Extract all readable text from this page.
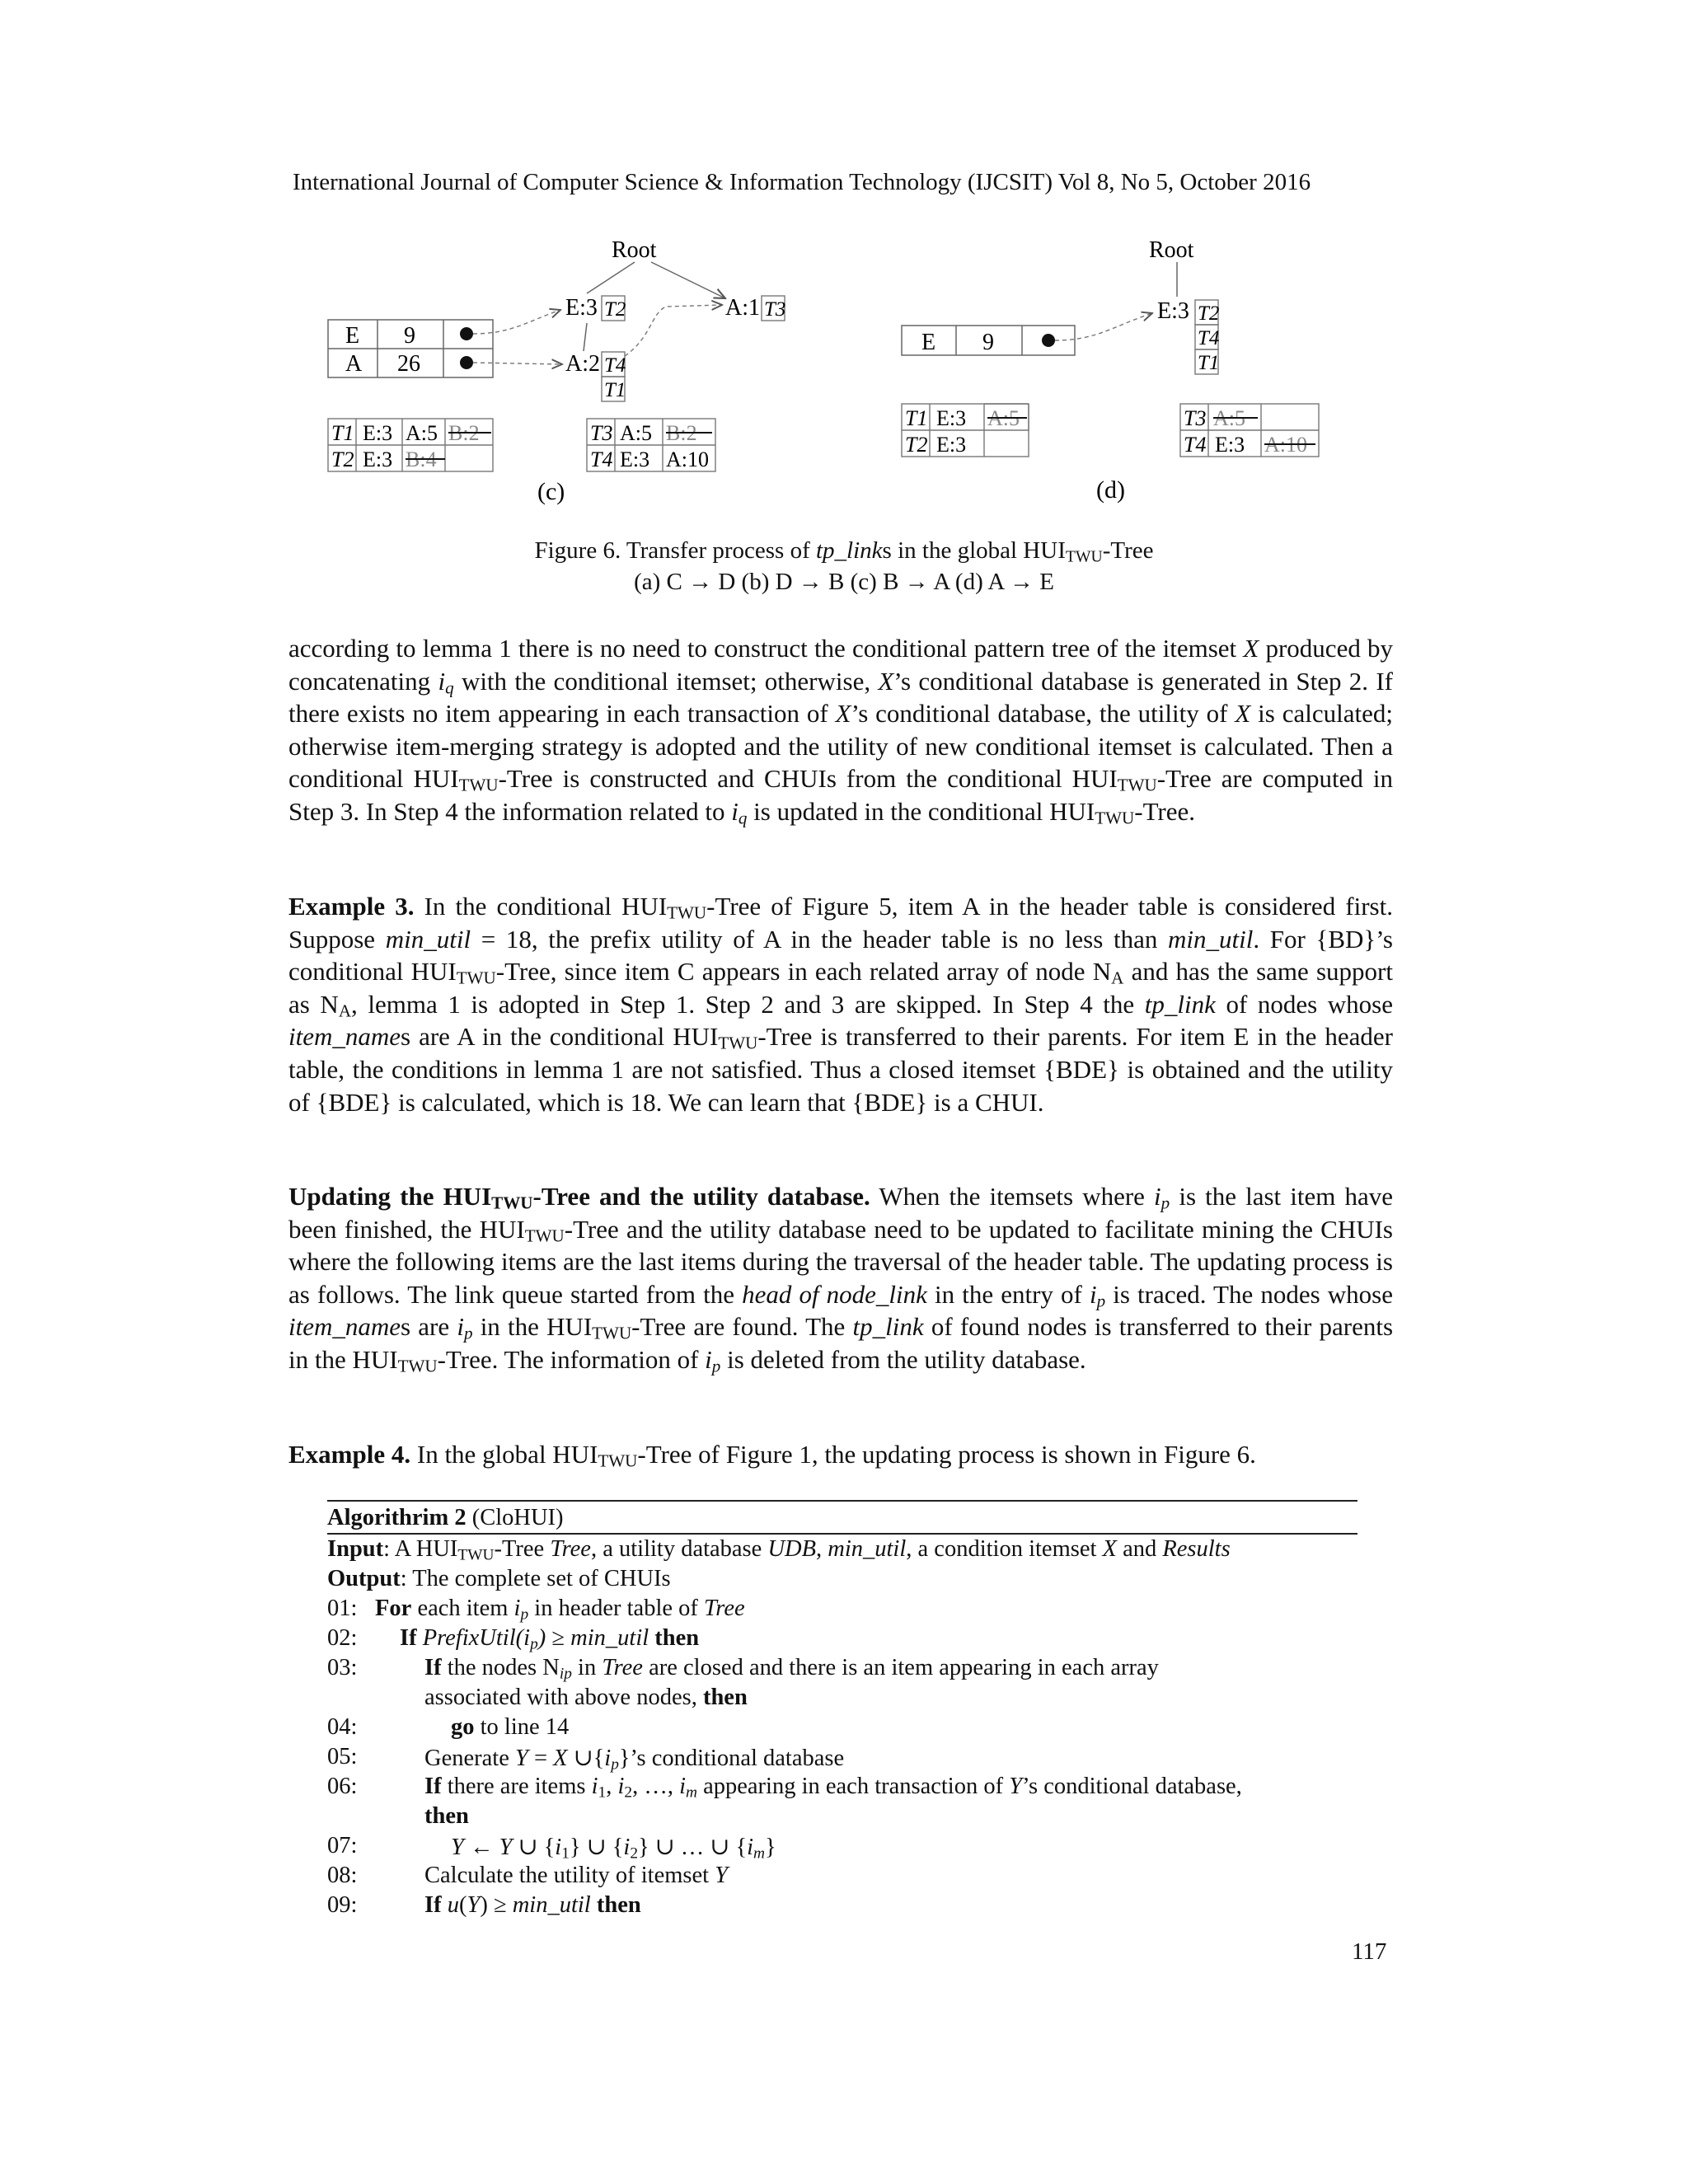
International Journal of Computer Science & Information Technology (IJCSIT) Vol 8, No 5, October 2016
Root
E:3 T2	A:1 T3
A:2 T4
T1
E 9
A 26
T1 E:3 A:5 B:2
T2 E:3 B:4
T3 A:5 B:2
T4 E:3 A:10
(c)
Root
E:3 T2
T4
T1
E 9
T1 E:3 A:5
T2 E:3
T3 A:5
T4 E:3 A:10
(d)
Figure 6. Transfer process of tp_links in the global $HUI_{TWU}$-Tree
(a) C → D (b) D → B (c) B → A (d) A → E
according to lemma 1 there is no need to construct the conditional pattern tree of the itemset X produced by concatenating $i_q$ with the conditional itemset; otherwise, X’s conditional database is generated in Step 2. If there exists no item appearing in each transaction of X’s conditional database, the utility of X is calculated; otherwise item-merging strategy is adopted and the utility of new conditional itemset is calculated. Then a conditional $HUI_{TWU}$-Tree is constructed and CHUIs from the conditional $HUI_{TWU}$-Tree are computed in Step 3. In Step 4 the information related to $i_q$ is updated in the conditional $HUI_{TWU}$-Tree.
Example 3. In the conditional $HUI_{TWU}$-Tree of Figure 5, item A in the header table is considered first. Suppose min_util = 18, the prefix utility of A in the header table is no less than min_util. For {BD}’s conditional $HUI_{TWU}$-Tree, since item C appears in each related array of node $N_A$ and has the same support as $N_A$, lemma 1 is adopted in Step 1. Step 2 and 3 are skipped. In Step 4 the tp_link of nodes whose item_names are A in the conditional $HUI_{TWU}$-Tree is transferred to their parents. For item E in the header table, the conditions in lemma 1 are not satisfied. Thus a closed itemset {BDE} is obtained and the utility of {BDE} is calculated, which is 18. We can learn that {BDE} is a CHUI.
Updating the $HUI_{TWU}$-Tree and the utility database. When the itemsets where $i_p$ is the last item have been finished, the $HUI_{TWU}$-Tree and the utility database need to be updated to facilitate mining the CHUIs where the following items are the last items during the traversal of the header table. The updating process is as follows. The link queue started from the head of node_link in the entry of $i_p$ is traced. The nodes whose item_names are $i_p$ in the $HUI_{TWU}$-Tree are found. The tp_link of found nodes is transferred to their parents in the $HUI_{TWU}$-Tree. The information of $i_p$ is deleted from the utility database.
Example 4. In the global $HUI_{TWU}$-Tree of Figure 1, the updating process is shown in Figure 6.
Algorithrim 2 (CloHUI)
Input: A $HUI_{TWU}$-Tree Tree, a utility database UDB, min_util, a condition itemset X and Results
Output: The complete set of CHUIs
01: For each item $i_p$ in header table of Tree
02: If $PrefixUtil(i_p)$ ≥ min_util then
03:	If the nodes $N_{ip}$ in Tree are closed and there is an item appearing in each array
associated with above nodes, then
04:	go to line 14
05:	Generate Y = X $\cup\{i_p\}’s$ conditional database
06:	If there are items $i_1$, $i_2$, …, $i_m$ appearing in each transaction of Y’s conditional database,
then
07:	Y ← Y ∪ $\{i_1\}$ ∪ $\{i_2\}$ ∪ … ∪ $\{i_m\}$
08:	Calculate the utility of itemset Y
09:	If u(Y) ≥ min_util then
117
